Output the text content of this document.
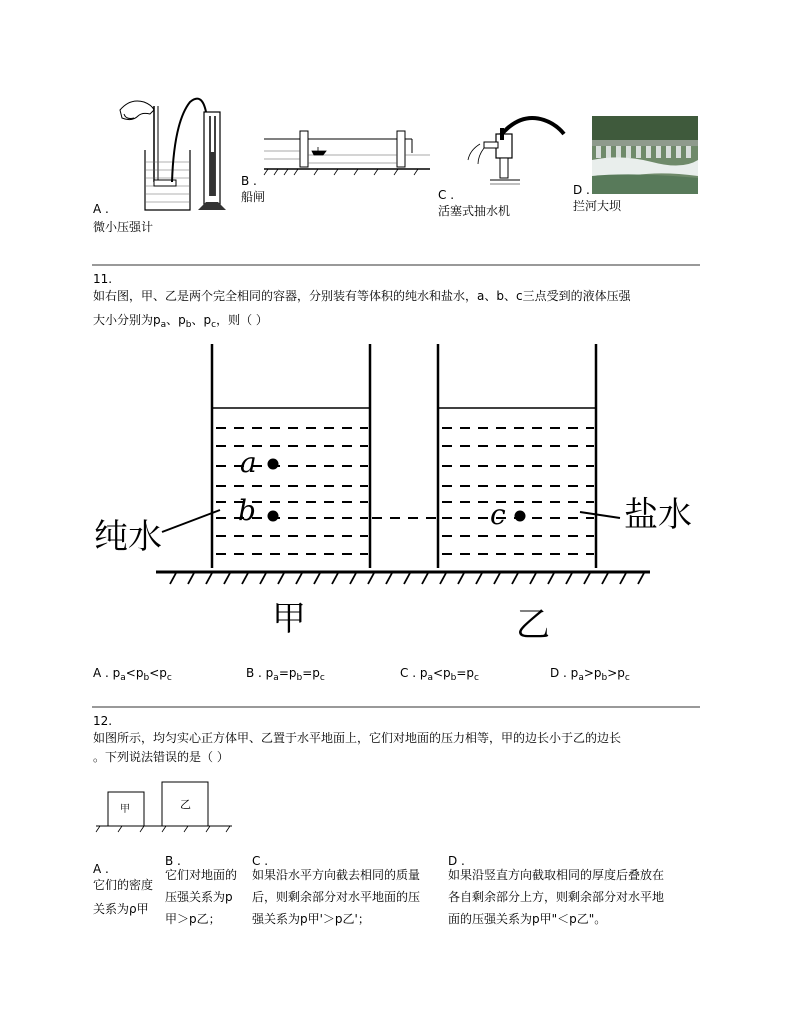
A .
微小压强计
B .
船闸	C .
活塞式抽水机
D .
拦河大坝
11.
如右图，甲、乙是两个完全相同的容器，分别装有等体积的纯水和盐水，a、b、c三点受到的液体压强
大小分别为$p_a$、$p_b$、$p_c$，则（ ）
a
b	c
纯水
盐水
甲	乙
A . $p_a<p_b<p_c$	B . $p_a=p_b=p_c$	C . $p_a<p_b=p_c$	D . $p_a>p_b>p_c$
12.
如图所示，均匀实心正方体甲、乙置于水平地面上，它们对地面的压力相等，甲的边长小于乙的边长
。下列说法错误的是（ ）
甲	乙
A .
它们的密度
关系为ρ甲
B .
它们对地面的
压强关系为p
甲＞p乙；
C .
如果沿水平方向截去相同的质量
后，则剩余部分对水平地面的压
强关系为p甲'＞p乙'；
D .
如果沿竖直方向截取相同的厚度后叠放在
各自剩余部分上方，则剩余部分对水平地
面的压强关系为p甲"＜p乙"。
